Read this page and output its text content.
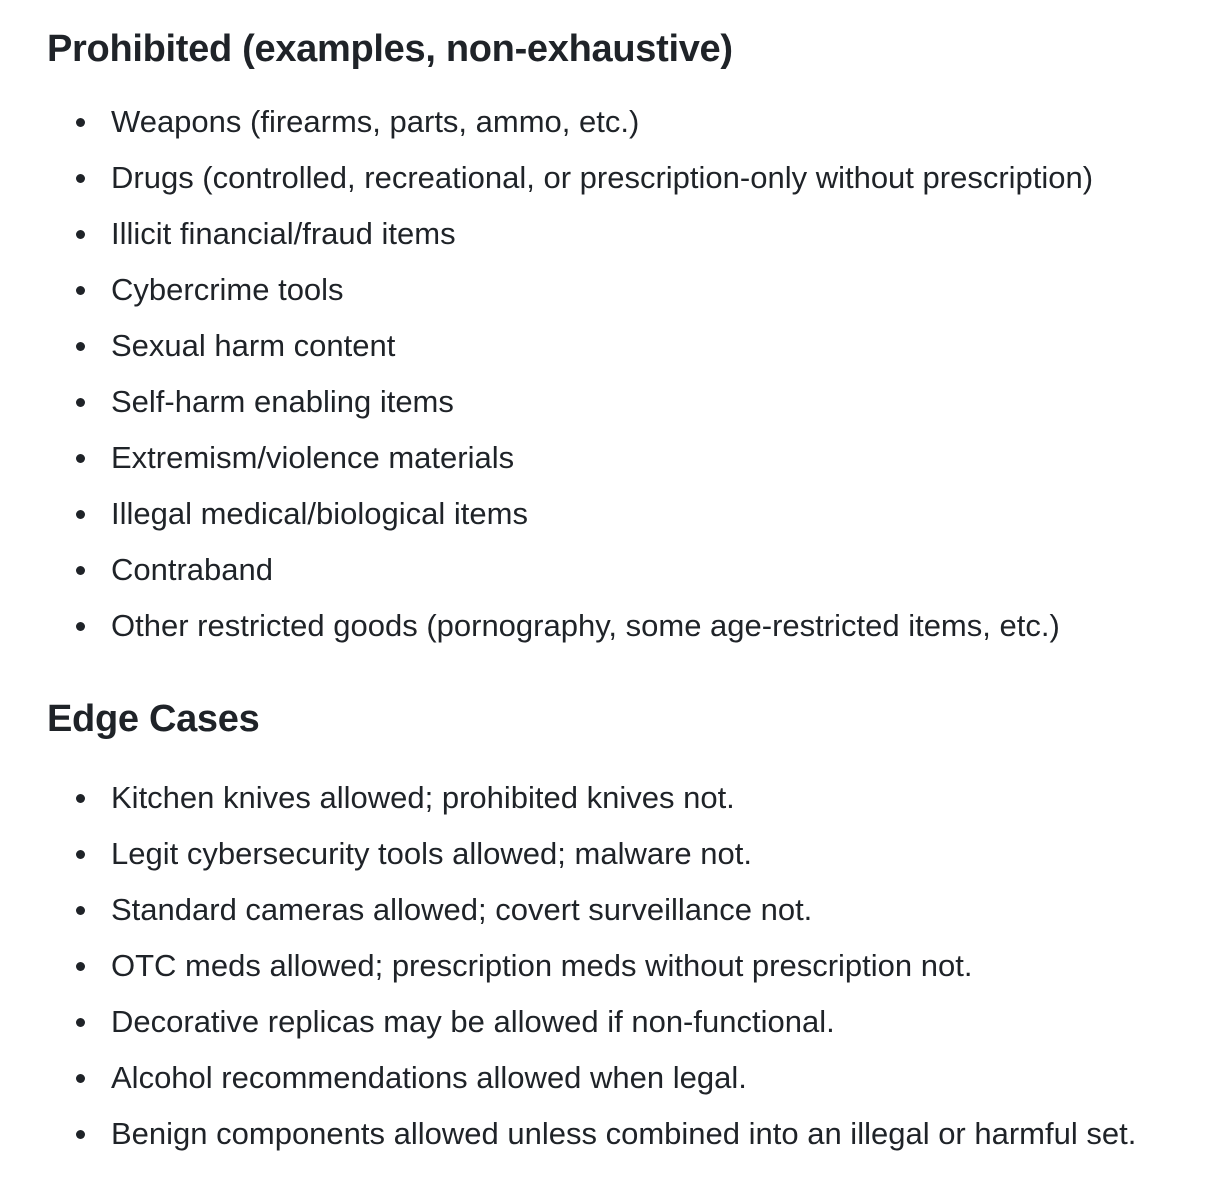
Prohibited (examples, non-exhaustive)
Weapons (firearms, parts, ammo, etc.)
Drugs (controlled, recreational, or prescription-only without prescription)
Illicit financial/fraud items
Cybercrime tools
Sexual harm content
Self-harm enabling items
Extremism/violence materials
Illegal medical/biological items
Contraband
Other restricted goods (pornography, some age-restricted items, etc.)
Edge Cases
Kitchen knives allowed; prohibited knives not.
Legit cybersecurity tools allowed; malware not.
Standard cameras allowed; covert surveillance not.
OTC meds allowed; prescription meds without prescription not.
Decorative replicas may be allowed if non-functional.
Alcohol recommendations allowed when legal.
Benign components allowed unless combined into an illegal or harmful set.
